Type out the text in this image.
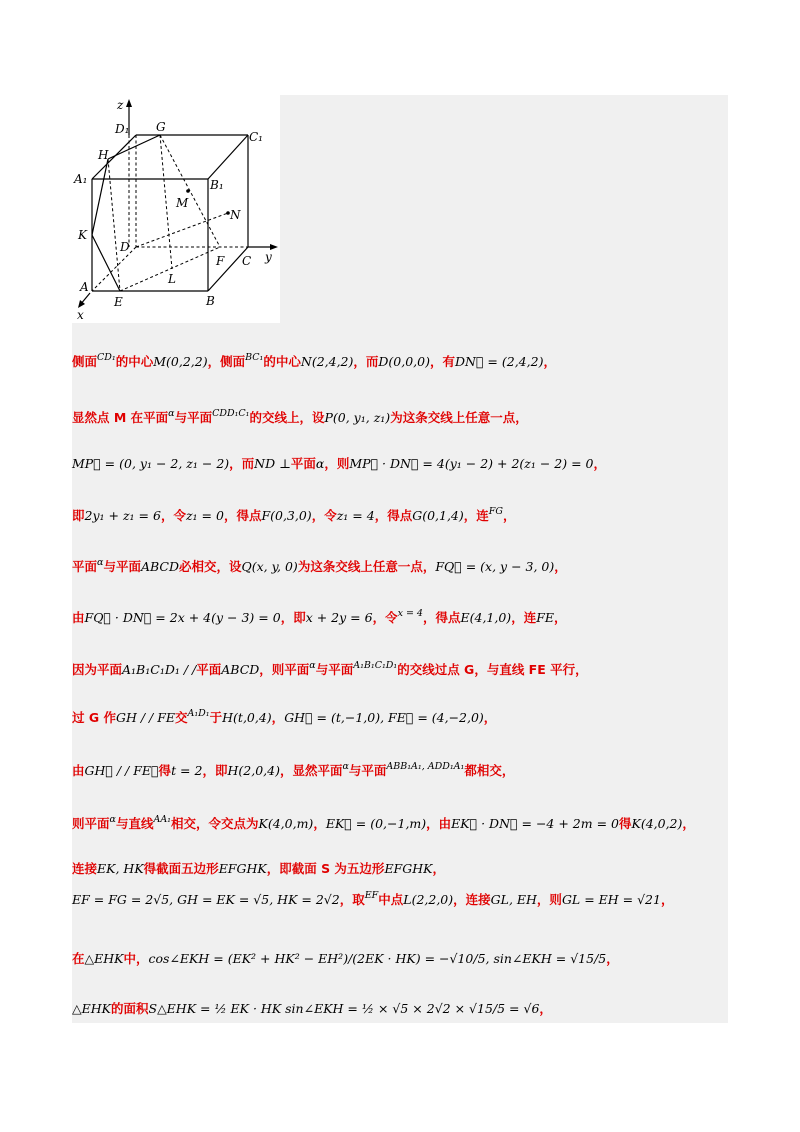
z
D₁ G
C₁
H
A₁	B₁
M
N
K
D
F C y
L
A
E	B
x
侧面$^{CD_1}$的中心M(0,2,2)，侧面$^{BC_1}$的中心N(2,4,2)，而D(0,0,0)，有DN⃗ = (2,4,2)，
显然点 M 在平面$^\alpha$与平面$^{CDD_1C_1}$的交线上，设P(0, y₁, z₁)为这条交线上任意一点，
MP⃗ = (0, y₁ − 2, z₁ − 2)，而ND ⊥平面α，则MP⃗ · DN⃗ = 4(y₁ − 2) + 2(z₁ − 2) = 0，
即2y₁ + z₁ = 6，令z₁ = 0，得点F(0,3,0)，令z₁ = 4，得点G(0,1,4)，连$^{FG}$，
平面$^\alpha$与平面ABCD必相交，设Q(x, y, 0)为这条交线上任意一点，FQ⃗ = (x, y − 3, 0)，
由FQ⃗ · DN⃗ = 2x + 4(y − 3) = 0，即x + 2y = 6，令$^{x = 4}$，得点E(4,1,0)，连FE，
因为平面A₁B₁C₁D₁ / /平面ABCD，则平面$^\alpha$与平面$^{A_1B_1C_1D_1}$的交线过点 G，与直线 FE 平行，
过 G 作GH / / FE交$^{A_1D_1}$于H(t,0,4)，GH⃗ = (t,−1,0), FE⃗ = (4,−2,0)，
由GH⃗ / / FE⃗得t = 2，即H(2,0,4)，显然平面$^\alpha$与平面$^{ABB_1A_1, ADD_1A_1}$都相交，
则平面$^\alpha$与直线$^{AA_1}$相交，令交点为K(4,0,m)，EK⃗ = (0,−1,m)，由EK⃗ · DN⃗ = −4 + 2m = 0得K(4,0,2)，
连接EK, HK得截面五边形EFGHK，即截面 S 为五边形EFGHK，
EF = FG = 2√5, GH = EK = √5, HK = 2√2，取$^{EF}$中点L(2,2,0)，连接GL, EH，则GL = EH = √21，
在△EHK中，cos∠EKH = (EK² + HK² − EH²)/(2EK · HK) = −√10/5, sin∠EKH = √15/5，
△EHK的面积S△EHK = ½ EK · HK sin∠EKH = ½ × √5 × 2√2 × √15/5 = √6，
